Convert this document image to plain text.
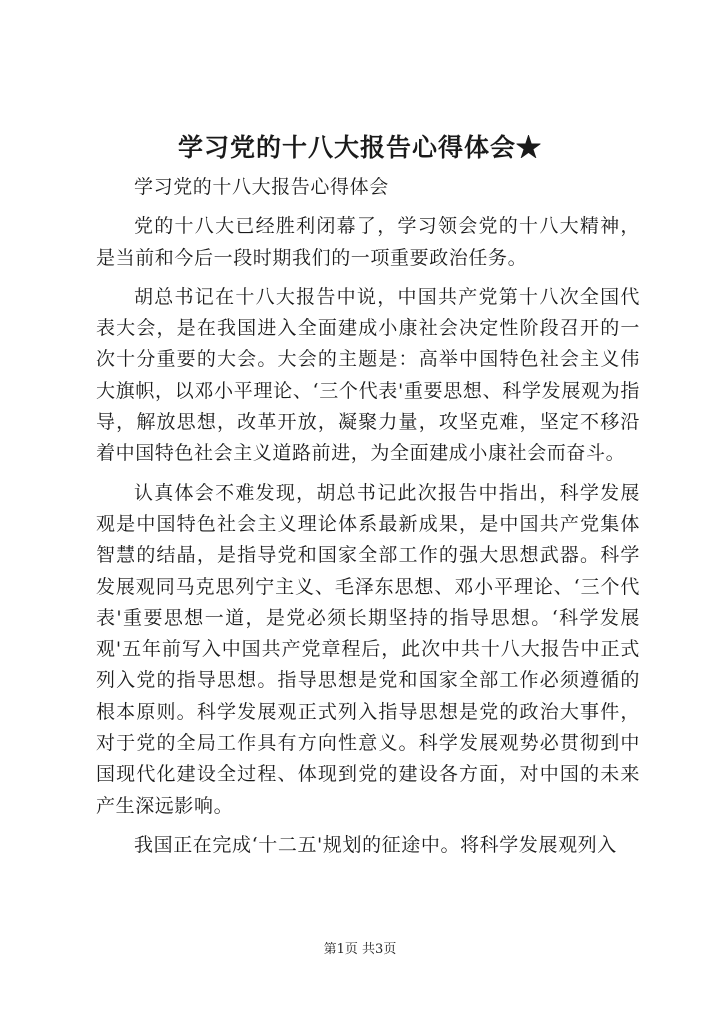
学习党的十八大报告心得体会★

学习党的十八大报告心得体会

党的十八大已经胜利闭幕了，学习领会党的十八大精神，是当前和今后一段时期我们的一项重要政治任务。

胡总书记在十八大报告中说，中国共产党第十八次全国代表大会，是在我国进入全面建成小康社会决定性阶段召开的一次十分重要的大会。大会的主题是：高举中国特色社会主义伟大旗帜，以邓小平理论、‘三个代表'重要思想、科学发展观为指导，解放思想，改革开放，凝聚力量，攻坚克难，坚定不移沿着中国特色社会主义道路前进，为全面建成小康社会而奋斗。

认真体会不难发现，胡总书记此次报告中指出，科学发展观是中国特色社会主义理论体系最新成果，是中国共产党集体智慧的结晶，是指导党和国家全部工作的强大思想武器。科学发展观同马克思列宁主义、毛泽东思想、邓小平理论、‘三个代表'重要思想一道，是党必须长期坚持的指导思想。‘科学发展观'五年前写入中国共产党章程后，此次中共十八大报告中正式列入党的指导思想。指导思想是党和国家全部工作必须遵循的根本原则。科学发展观正式列入指导思想是党的政治大事件，对于党的全局工作具有方向性意义。科学发展观势必贯彻到中国现代化建设全过程、体现到党的建设各方面，对中国的未来产生深远影响。

我国正在完成‘十二五'规划的征途中。将科学发展观列入

第1页 共3页
